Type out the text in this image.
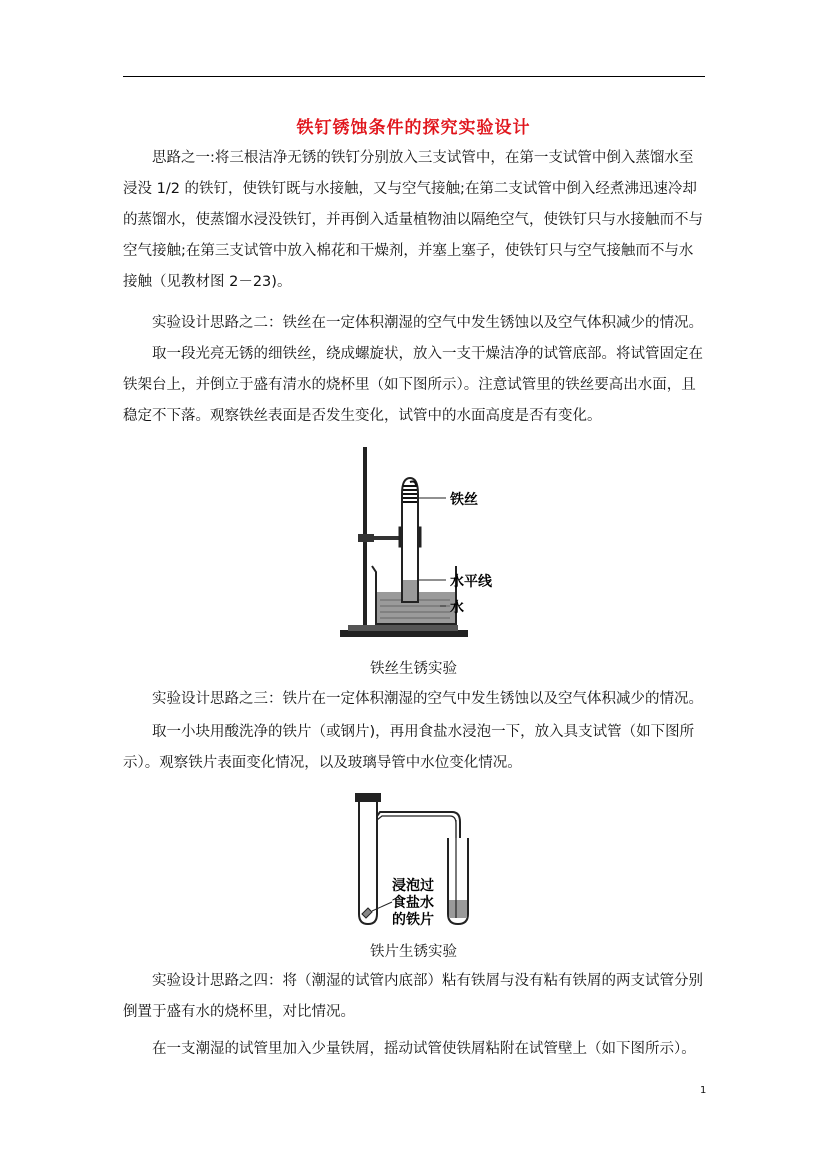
铁钉锈蚀条件的探究实验设计

　　思路之一:将三根洁净无锈的铁钉分别放入三支试管中，在第一支试管中倒入蒸馏水至
浸没 1/2 的铁钉，使铁钉既与水接触，又与空气接触;在第二支试管中倒入经煮沸迅速冷却
的蒸馏水，使蒸馏水浸没铁钉，并再倒入适量植物油以隔绝空气，使铁钉只与水接触而不与
空气接触;在第三支试管中放入棉花和干燥剂，并塞上塞子，使铁钉只与空气接触而不与水
接触（见教材图 2－23)。

　　实验设计思路之二：铁丝在一定体积潮湿的空气中发生锈蚀以及空气体积减少的情况。

　　取一段光亮无锈的细铁丝，绕成螺旋状，放入一支干燥洁净的试管底部。将试管固定在
铁架台上，并倒立于盛有清水的烧杯里（如下图所示）。注意试管里的铁丝要高出水面，且
稳定不下落。观察铁丝表面是否发生变化，试管中的水面高度是否有变化。

铁丝
水平线
水
铁丝生锈实验

　　实验设计思路之三：铁片在一定体积潮湿的空气中发生锈蚀以及空气体积减少的情况。

　　取一小块用酸洗净的铁片（或钢片)，再用食盐水浸泡一下，放入具支试管（如下图所
示）。观察铁片表面变化情况，以及玻璃导管中水位变化情况。

浸泡过
食盐水
的铁片
铁片生锈实验

　　实验设计思路之四：将（潮湿的试管内底部）粘有铁屑与没有粘有铁屑的两支试管分别
倒置于盛有水的烧杯里，对比情况。

　　在一支潮湿的试管里加入少量铁屑，摇动试管使铁屑粘附在试管壁上（如下图所示）。

1
